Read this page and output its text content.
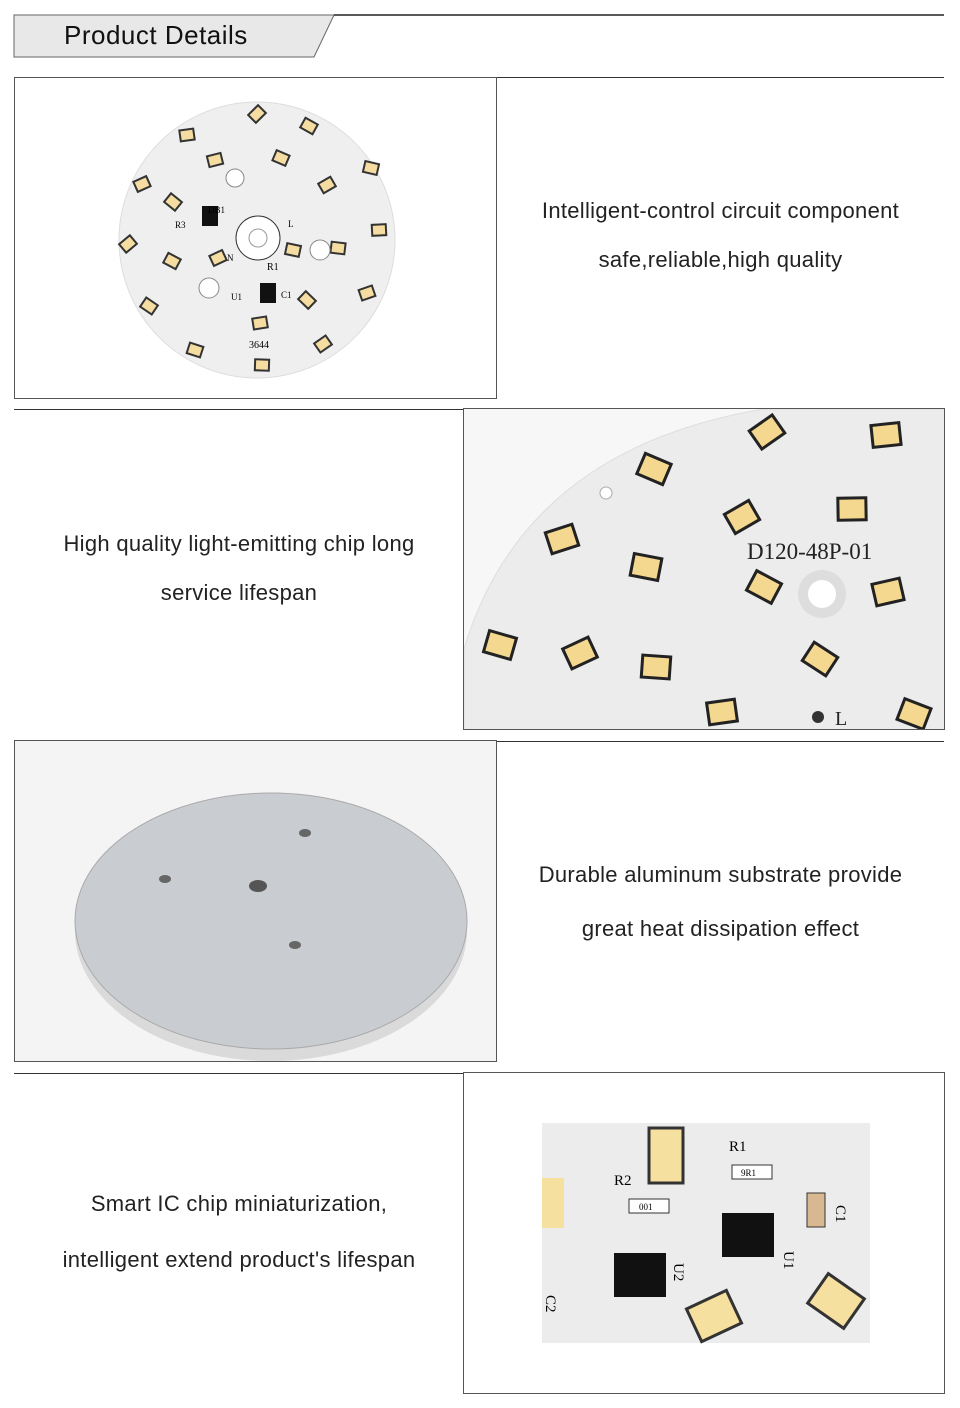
Product Details
R3
DB1
L
N
R1
U1	C1
3644
Intelligent-control circuit component
safe,reliable,high quality
High quality light-emitting chip long
service lifespan
D120-48P-01
L
Durable aluminum substrate provide
great heat dissipation effect
Smart IC chip miniaturization,
intelligent extend product's lifespan
R1
R2	9R1
001
U2
U1
C1
C2
